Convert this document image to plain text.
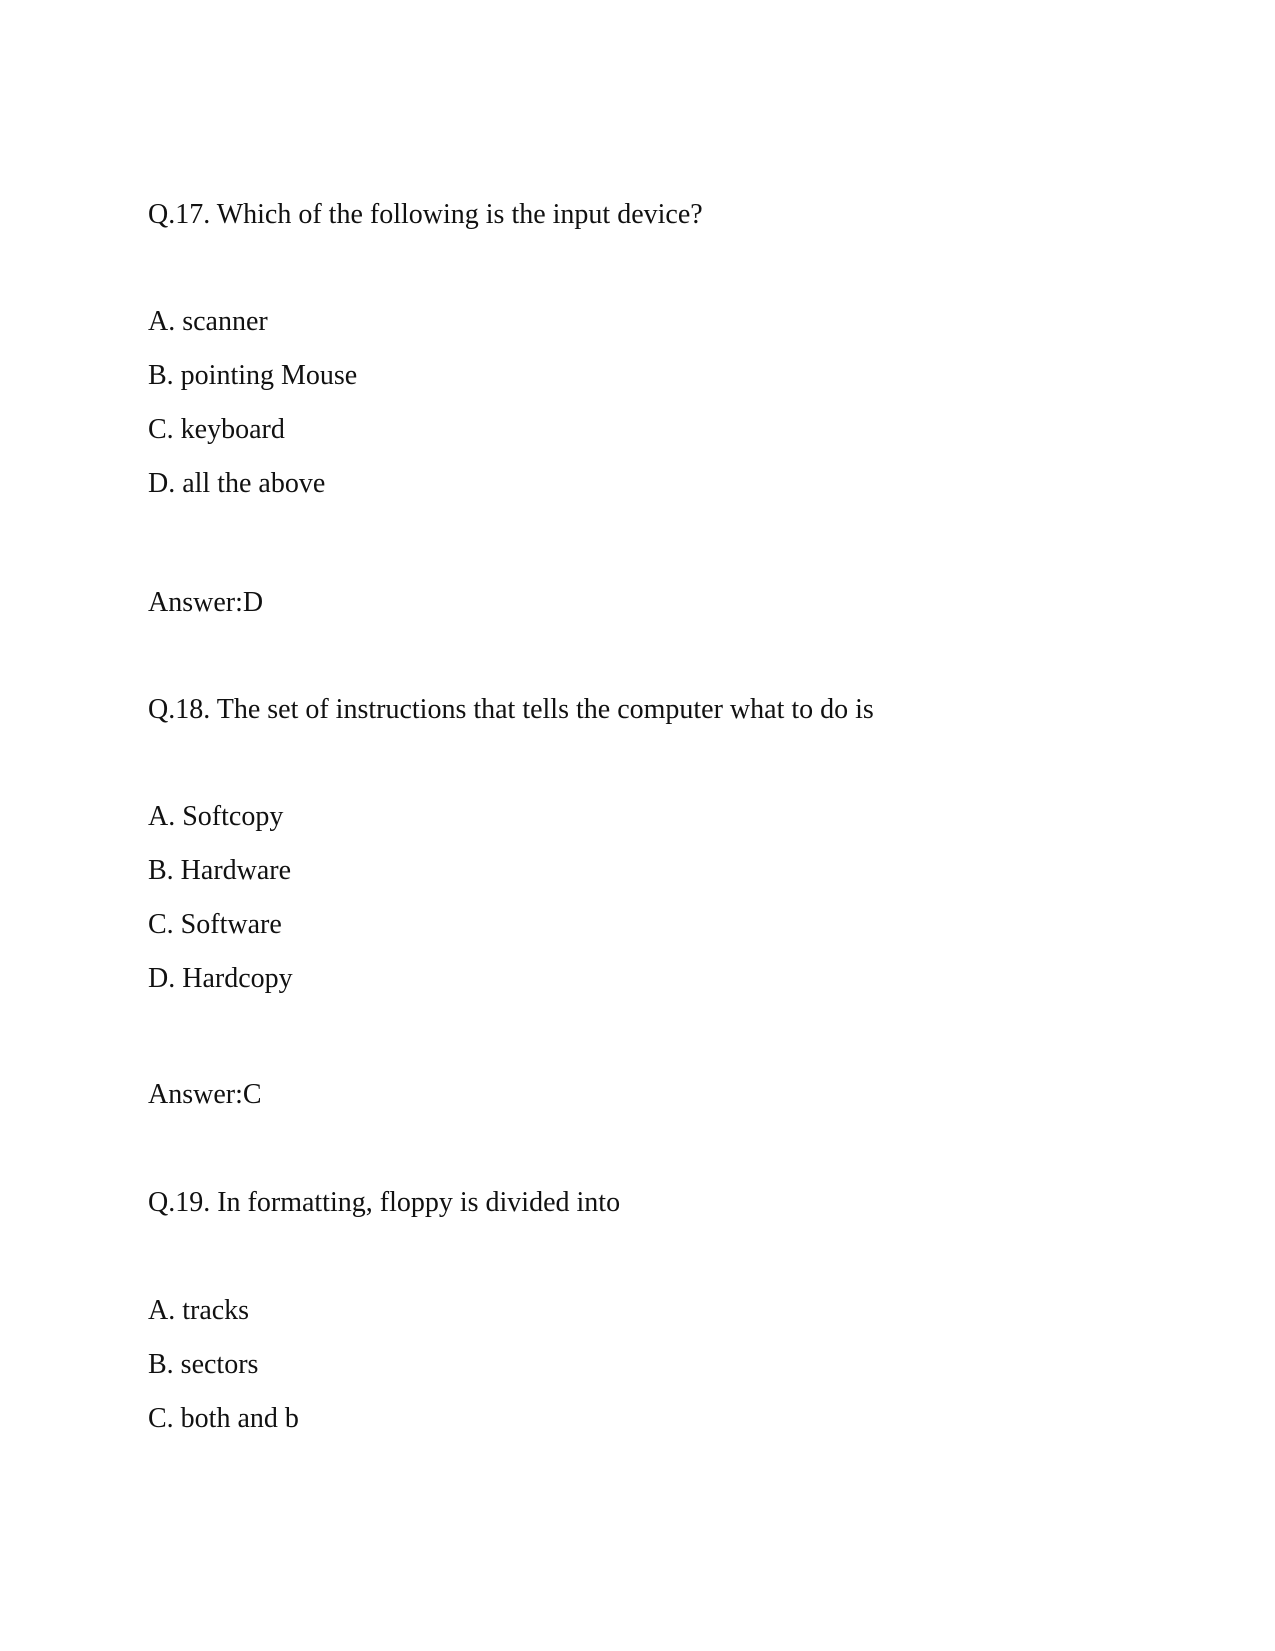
Q.17. Which of the following is the input device?
A. scanner
B. pointing Mouse
C. keyboard
D. all the above
Answer:D
Q.18. The set of instructions that tells the computer what to do is
A. Softcopy
B. Hardware
C. Software
D. Hardcopy
Answer:C
Q.19. In formatting, floppy is divided into
A. tracks
B. sectors
C. both and b
